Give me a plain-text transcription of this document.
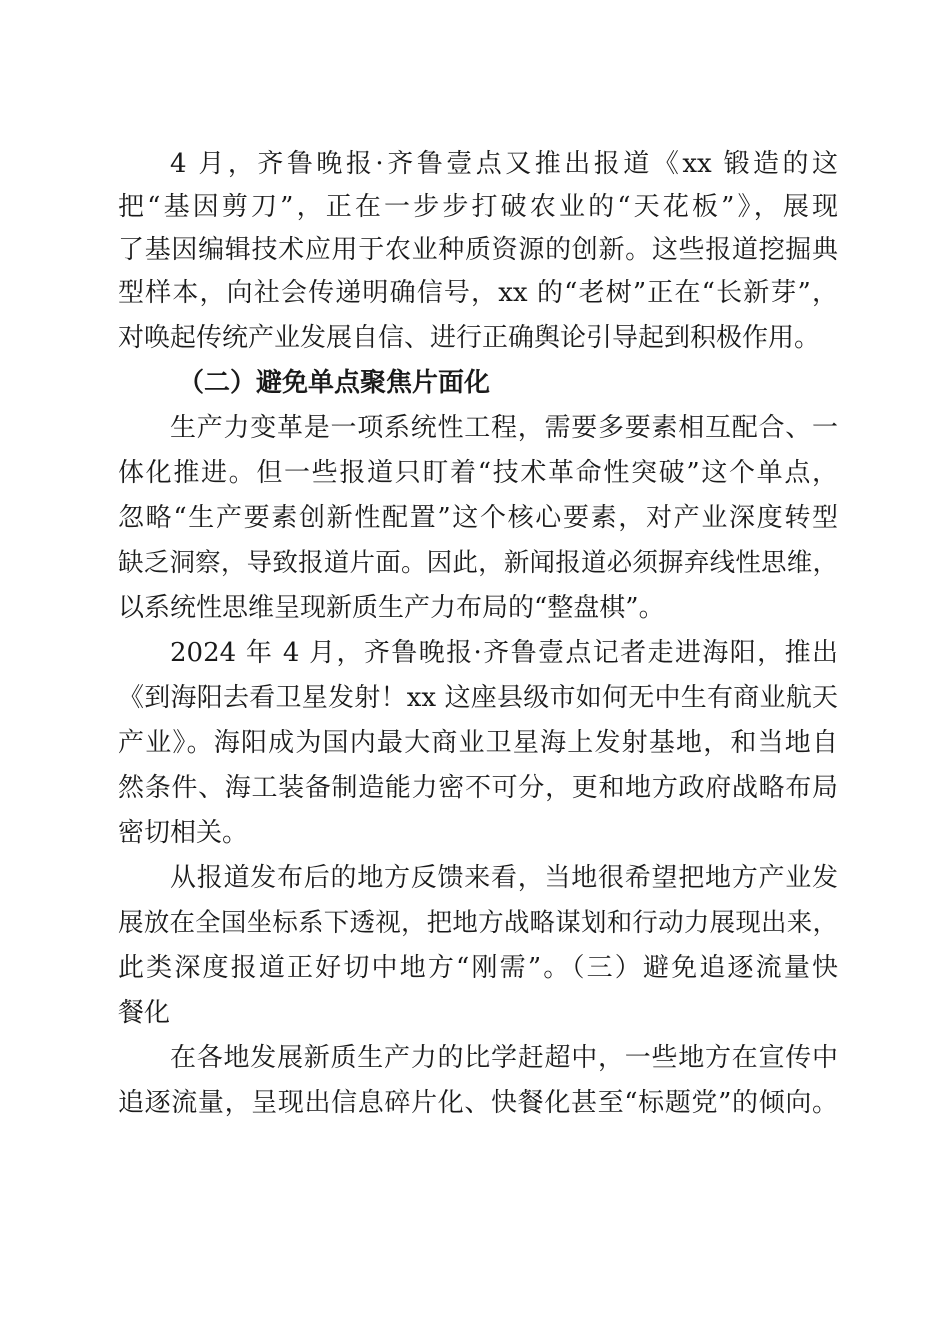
4 月，齐鲁晚报·齐鲁壹点又推出报道《xx 锻造的这
把“基因剪刀”，正在一步步打破农业的“天花板”》，展现
了基因编辑技术应用于农业种质资源的创新。这些报道挖掘典
型样本，向社会传递明确信号，xx 的“老树”正在“长新芽”，
对唤起传统产业发展自信、进行正确舆论引导起到积极作用。
（二）避免单点聚焦片面化
生产力变革是一项系统性工程，需要多要素相互配合、一
体化推进。但一些报道只盯着“技术革命性突破”这个单点，
忽略“生产要素创新性配置”这个核心要素，对产业深度转型
缺乏洞察，导致报道片面。因此，新闻报道必须摒弃线性思维，
以系统性思维呈现新质生产力布局的“整盘棋”。
2024 年 4 月，齐鲁晚报·齐鲁壹点记者走进海阳，推出
《到海阳去看卫星发射！xx 这座县级市如何无中生有商业航天
产业》。海阳成为国内最大商业卫星海上发射基地，和当地自
然条件、海工装备制造能力密不可分，更和地方政府战略布局
密切相关。
从报道发布后的地方反馈来看，当地很希望把地方产业发
展放在全国坐标系下透视，把地方战略谋划和行动力展现出来，
此类深度报道正好切中地方“刚需”。（三）避免追逐流量快
餐化
在各地发展新质生产力的比学赶超中，一些地方在宣传中
追逐流量，呈现出信息碎片化、快餐化甚至“标题党”的倾向。
